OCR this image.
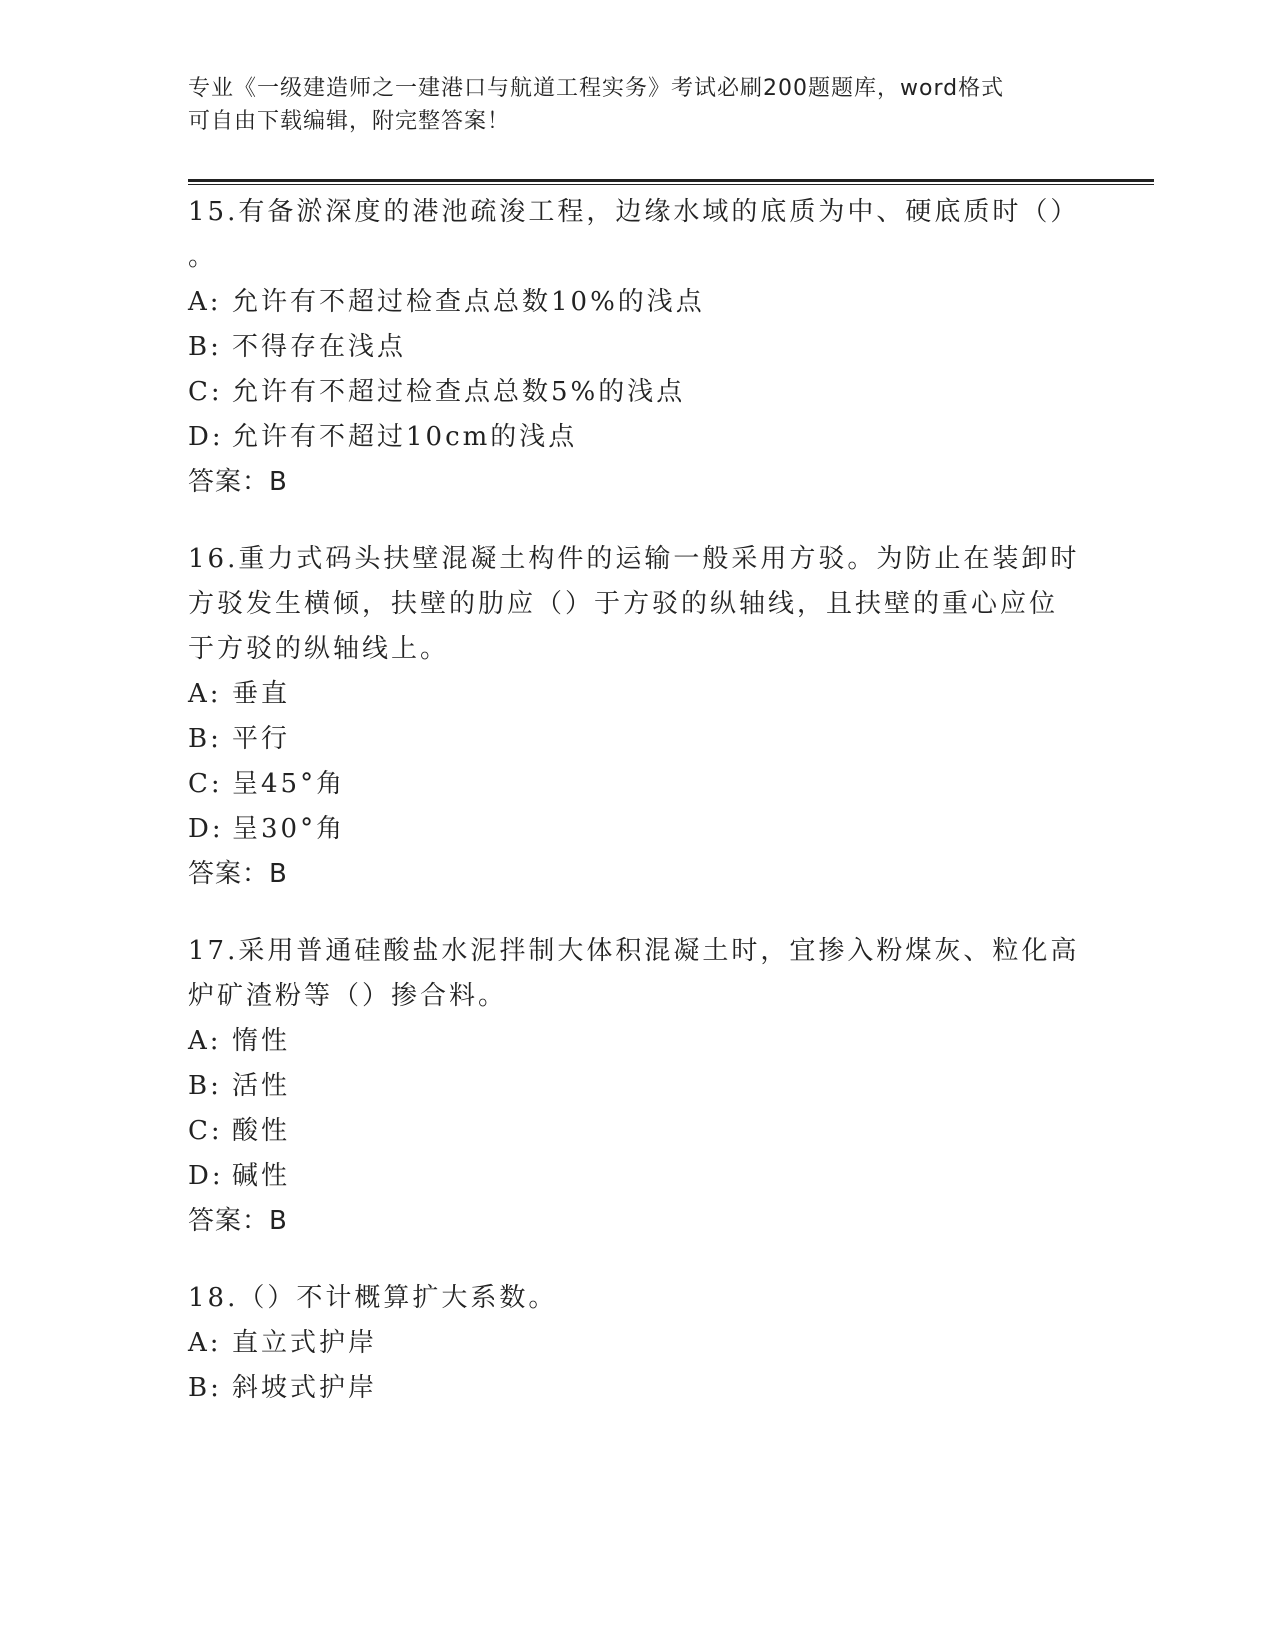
专业《一级建造师之一建港口与航道工程实务》考试必刷200题题库，word格式
可自由下载编辑，附完整答案！
15.有备淤深度的港池疏浚工程，边缘水域的底质为中、硬底质时（）
。
A: 允许有不超过检查点总数10%的浅点
B: 不得存在浅点
C: 允许有不超过检查点总数5%的浅点
D: 允许有不超过10cm的浅点
答案：B
16.重力式码头扶壁混凝土构件的运输一般采用方驳。为防止在装卸时
方驳发生横倾，扶壁的肋应（）于方驳的纵轴线，且扶壁的重心应位
于方驳的纵轴线上。
A: 垂直
B: 平行
C: 呈45°角
D: 呈30°角
答案：B
17.采用普通硅酸盐水泥拌制大体积混凝土时，宜掺入粉煤灰、粒化高
炉矿渣粉等（）掺合料。
A: 惰性
B: 活性
C: 酸性
D: 碱性
答案：B
18.（）不计概算扩大系数。
A: 直立式护岸
B: 斜坡式护岸
